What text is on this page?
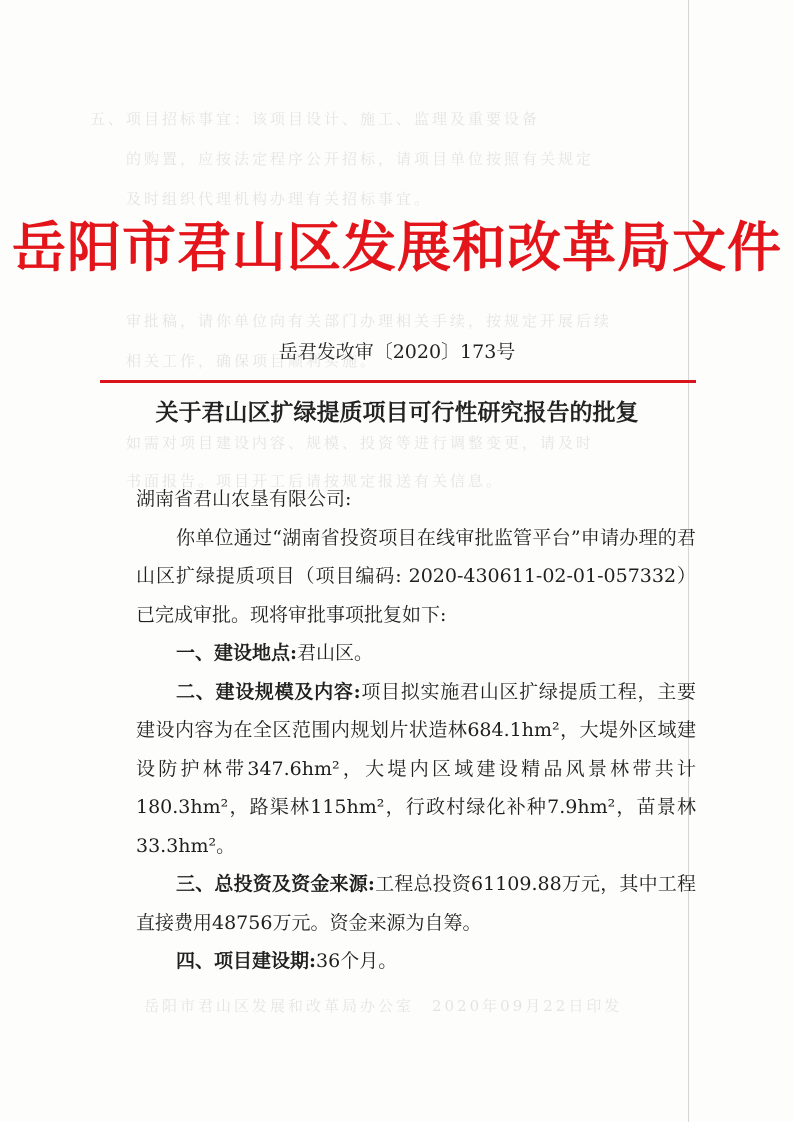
五、项目招标事宜：该项目设计、施工、监理及重要设备
　　的购置，应按法定程序公开招标，请项目单位按照有关规定
　　及时组织代理机构办理有关招标事宜。
　　审批稿，请你单位向有关部门办理相关手续，按规定开展后续
　　相关工作，确保项目顺利实施。
　　如需对项目建设内容、规模、投资等进行调整变更，请及时
　　书面报告。项目开工后请按规定报送有关信息。
　　　岳阳市君山区发展和改革局办公室　2020年09月22日印发
岳阳市君山区发展和改革局文件
岳君发改审〔2020〕173号
关于君山区扩绿提质项目可行性研究报告的批复

湖南省君山农垦有限公司:

你单位通过“湖南省投资项目在线审批监管平台”申请办理的君山区扩绿提质项目（项目编码: 2020-430611-02-01-057332）已完成审批。现将审批事项批复如下:

一、建设地点:君山区。

二、建设规模及内容:项目拟实施君山区扩绿提质工程，主要建设内容为在全区范围内规划片状造林684.1hm²，大堤外区域建设防护林带347.6hm²，大堤内区域建设精品风景林带共计180.3hm²，路渠林115hm²，行政村绿化补种7.9hm²，苗景林33.3hm²。

三、总投资及资金来源:工程总投资61109.88万元，其中工程直接费用48756万元。资金来源为自筹。

四、项目建设期:36个月。
